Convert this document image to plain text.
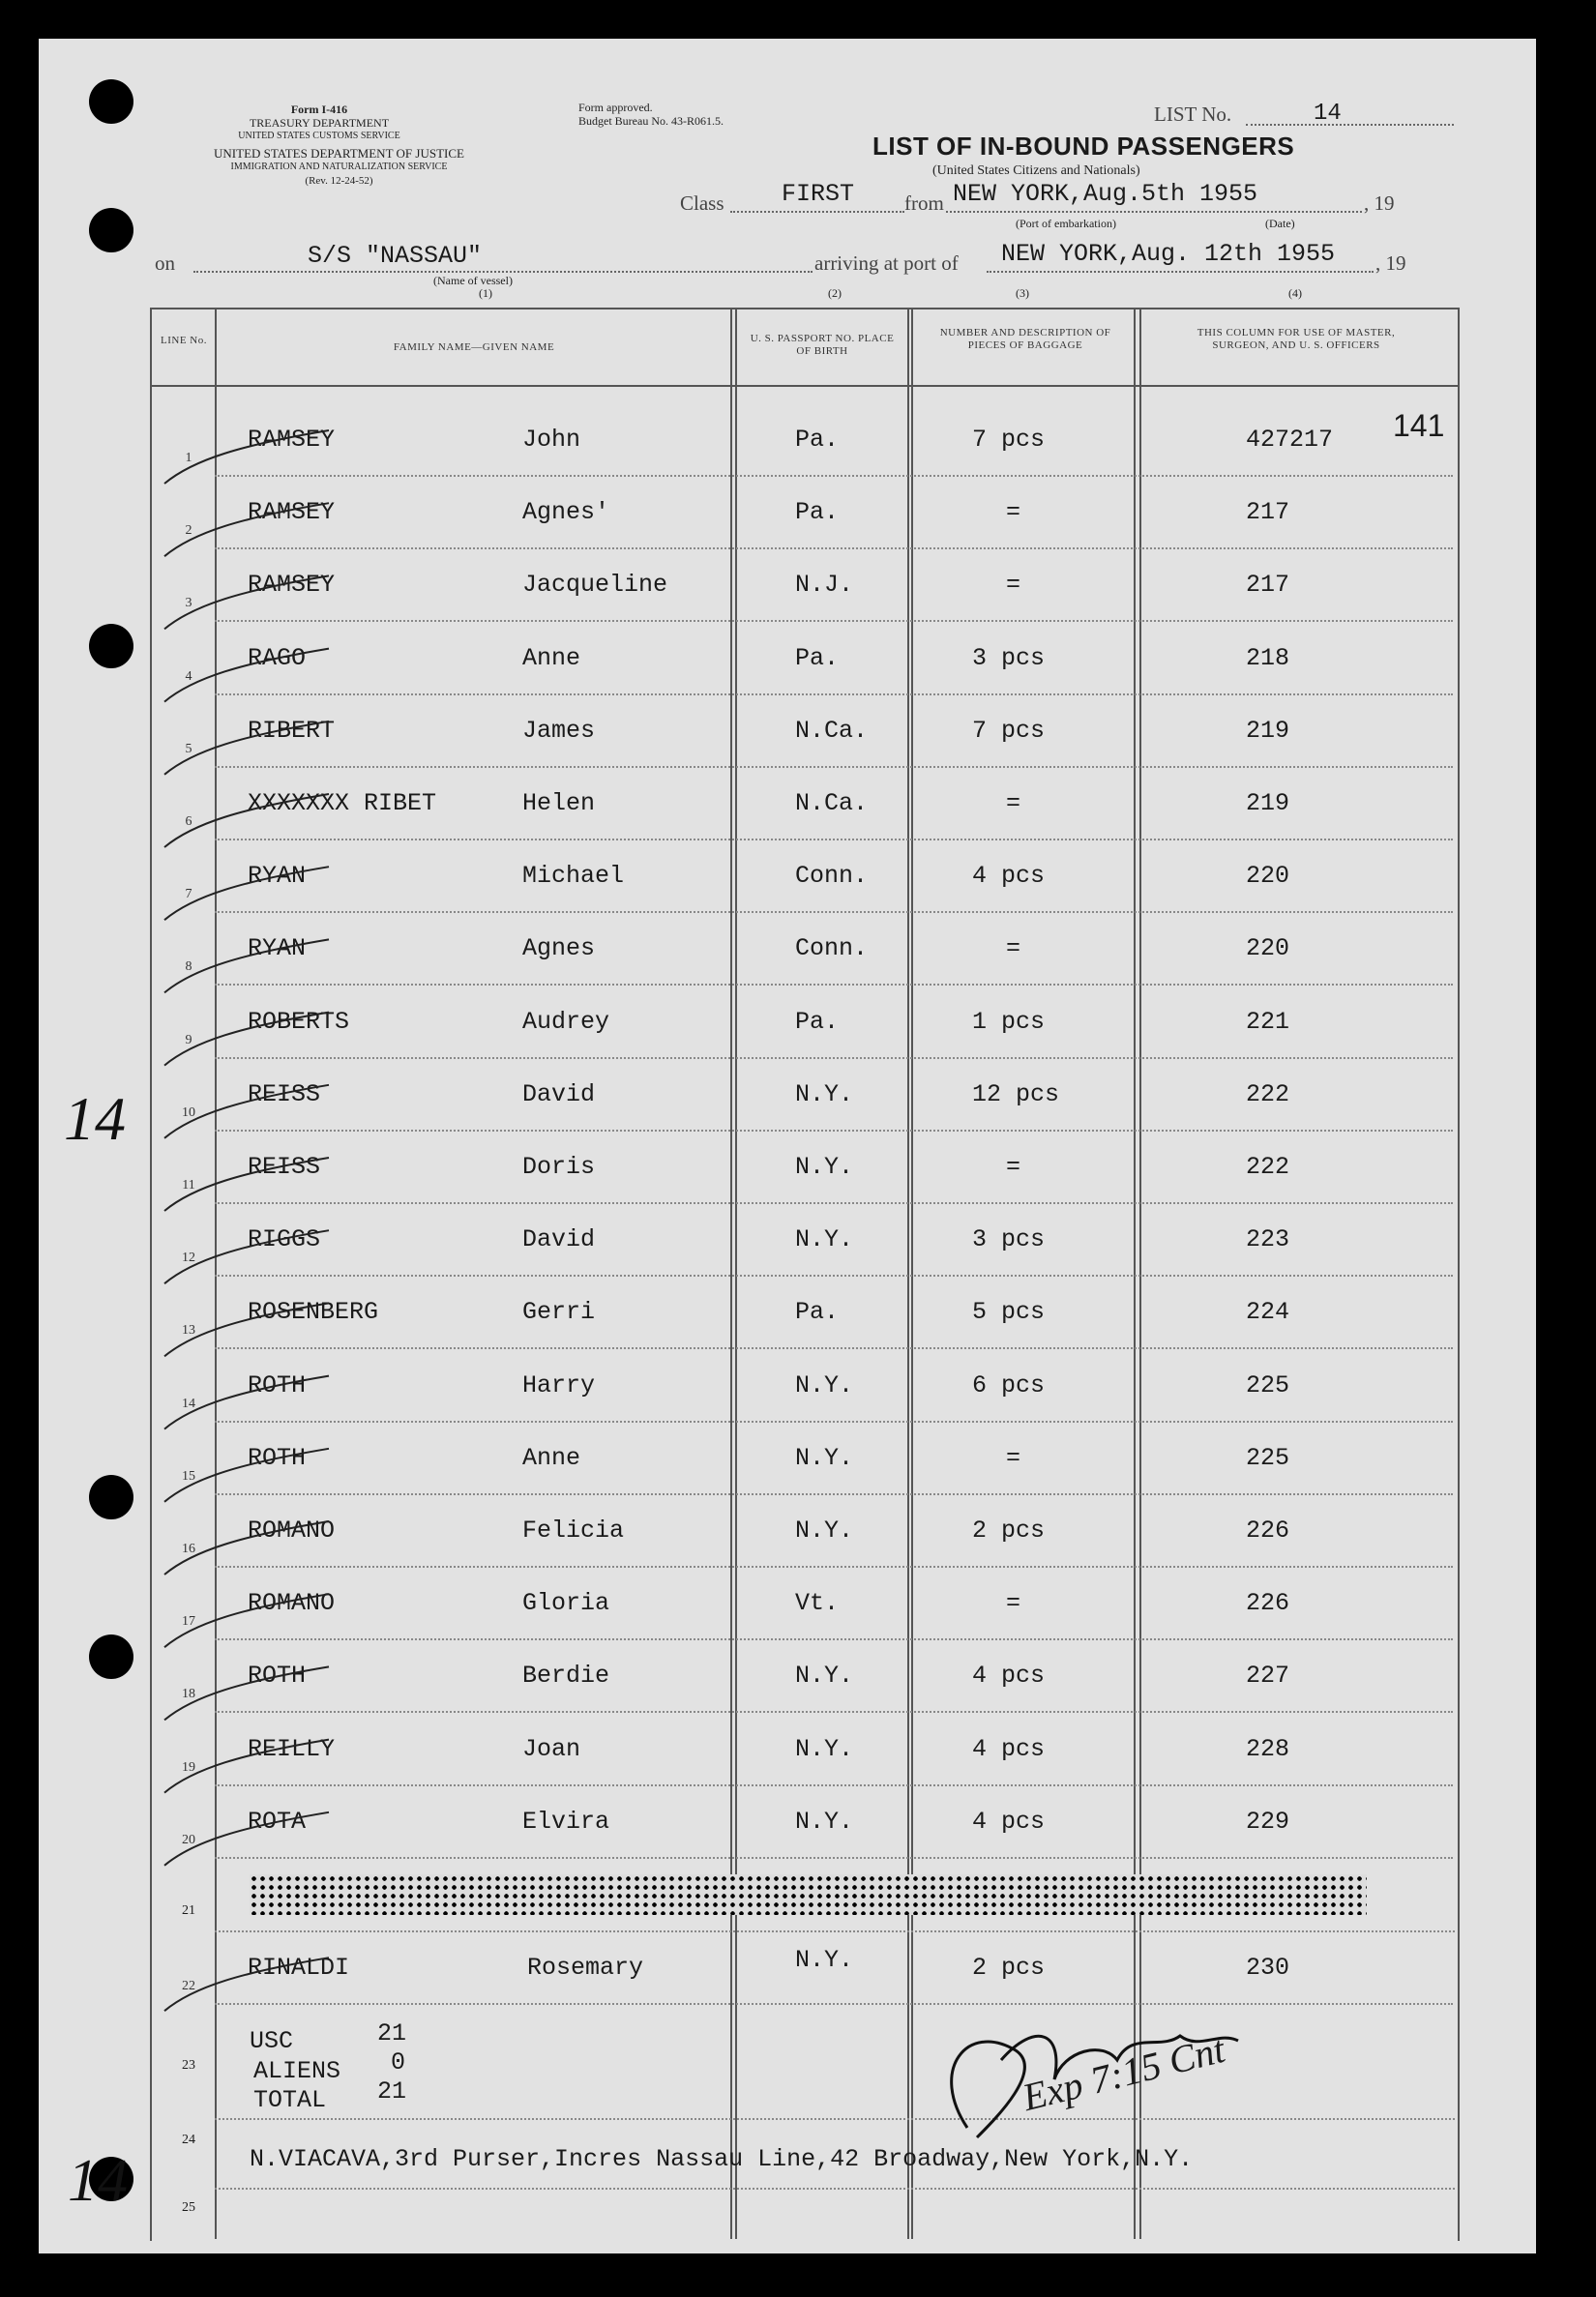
Form I-416
TREASURY DEPARTMENT
UNITED STATES CUSTOMS SERVICE
UNITED STATES DEPARTMENT OF JUSTICE
IMMIGRATION AND NATURALIZATION SERVICE
(Rev. 12-24-52)
Form approved.
Budget Bureau No. 43-R061.5.	LIST No.	14
LIST OF IN-BOUND PASSENGERS
(United States Citizens and Nationals)
Class FIRST from NEW YORK,Aug.5th 1955	, 19
(Port of embarkation)	(Date)
on	S/S "NASSAU"	arriving at port of NEW YORK,Aug. 12th 1955 , 19
(Name of vessel)
(1)	(2)	(3)	(4)
LINE No.
FAMILY NAME—GIVEN NAME
U. S. PASSPORT NO. PLACE OF BIRTH
NUMBER AND DESCRIPTION OF PIECES OF BAGGAGE
THIS COLUMN FOR USE OF MASTER, SURGEON, AND U. S. OFFICERS
1
RAMSEY	John	Pa.	7 pcs	427217
2
RAMSEY	Agnes'	Pa.	=	217
3
RAMSEY	Jacqueline	N.J.	=	217
4
RAGO	Anne	Pa.	3 pcs	218
5
RIBERT	James	N.Ca.	7 pcs	219
6
XXXXXXX RIBET	Helen	N.Ca.	=	219
7
RYAN	Michael	Conn.	4 pcs	220
8
RYAN	Agnes	Conn.	=	220
9
ROBERTS	Audrey	Pa.	1 pcs	221
10
REISS	David	N.Y.	12 pcs	222
11
REISS	Doris	N.Y.	=	222
12
RIGGS	David	N.Y.	3 pcs	223
13
ROSENBERG	Gerri	Pa.	5 pcs	224
14
ROTH	Harry	N.Y.	6 pcs	225
15
ROTH	Anne	N.Y.	=	225
16
ROMANO	Felicia	N.Y.	2 pcs	226
17
ROMANO	Gloria	Vt.	=	226
18
ROTH	Berdie	N.Y.	4 pcs	227
19
REILLY	Joan	N.Y.	4 pcs	228
20
ROTA	Elvira	N.Y.	4 pcs	229
141
21
22
RINALDI	Rosemary	N.Y.	2 pcs	230
USC	21
ALIENS 0
TOTAL 21
23
24
25
N.VIACAVA,3rd Purser,Incres Nassau Line,42 Broadway,New York,N.Y.
Exp 7:15 Cnt
14
14
